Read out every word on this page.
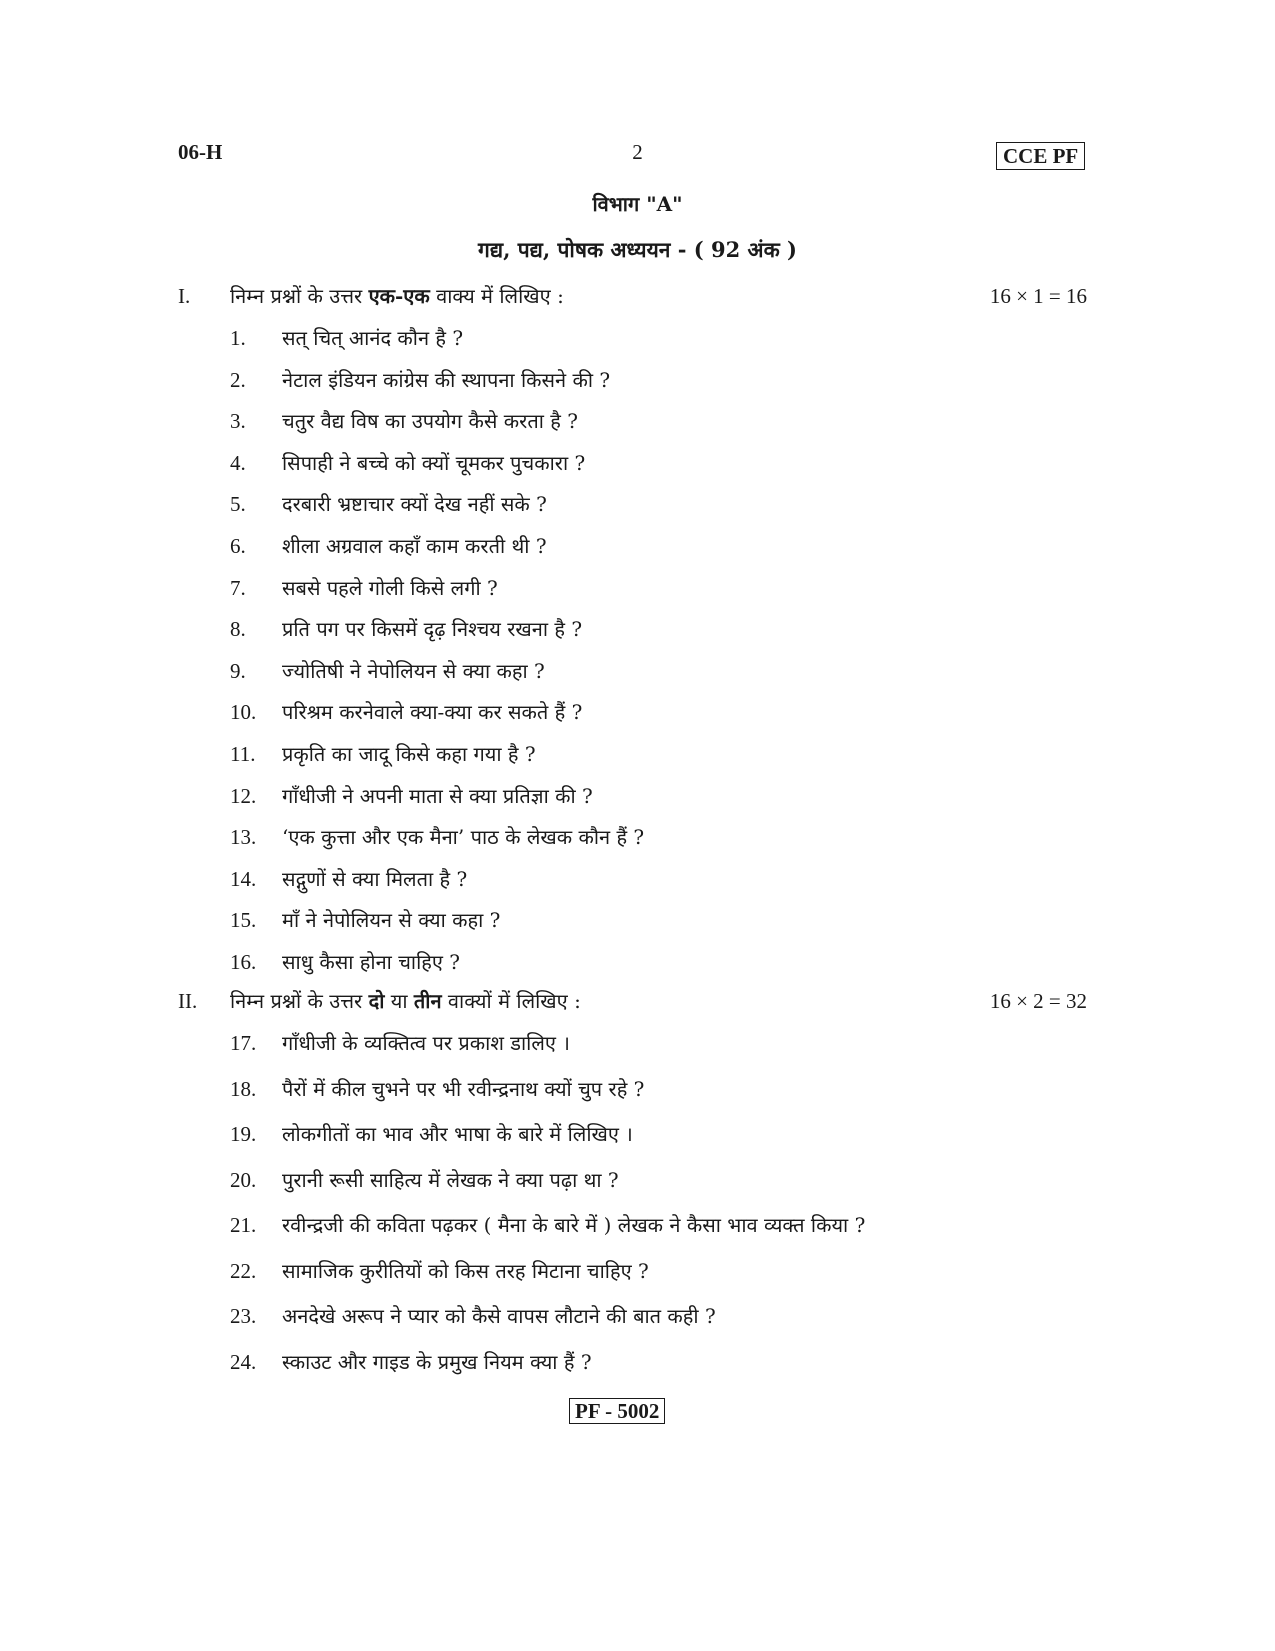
06-H	2	CCE PF
विभाग "A"
गद्य, पद्य, पोषक अध्ययन - ( 92 अंक )
I. निम्न प्रश्नों के उत्तर एक-एक वाक्य में लिखिए :	16 × 1 = 16
1. सत् चित् आनंद कौन है ?
2. नेटाल इंडियन कांग्रेस की स्थापना किसने की ?
3. चतुर वैद्य विष का उपयोग कैसे करता है ?
4. सिपाही ने बच्चे को क्यों चूमकर पुचकारा ?
5. दरबारी भ्रष्टाचार क्यों देख नहीं सके ?
6. शीला अग्रवाल कहाँ काम करती थी ?
7. सबसे पहले गोली किसे लगी ?
8. प्रति पग पर किसमें दृढ़ निश्चय रखना है ?
9. ज्योतिषी ने नेपोलियन से क्या कहा ?
10. परिश्रम करनेवाले क्या-क्या कर सकते हैं ?
11. प्रकृति का जादू किसे कहा गया है ?
12. गाँधीजी ने अपनी माता से क्या प्रतिज्ञा की ?
13. ‘एक कुत्ता और एक मैना’ पाठ के लेखक कौन हैं ?
14. सद्गुणों से क्या मिलता है ?
15. माँ ने नेपोलियन से क्या कहा ?
16. साधु कैसा होना चाहिए ?
II. निम्न प्रश्नों के उत्तर दो या तीन वाक्यों में लिखिए :	16 × 2 = 32
17. गाँधीजी के व्यक्तित्व पर प्रकाश डालिए ।
18. पैरों में कील चुभने पर भी रवीन्द्रनाथ क्यों चुप रहे ?
19. लोकगीतों का भाव और भाषा के बारे में लिखिए ।
20. पुरानी रूसी साहित्य में लेखक ने क्या पढ़ा था ?
21. रवीन्द्रजी की कविता पढ़कर ( मैना के बारे में ) लेखक ने कैसा भाव व्यक्त किया ?
22. सामाजिक कुरीतियों को किस तरह मिटाना चाहिए ?
23. अनदेखे अरूप ने प्यार को कैसे वापस लौटाने की बात कही ?
24. स्काउट और गाइड के प्रमुख नियम क्या हैं ?
PF - 5002
